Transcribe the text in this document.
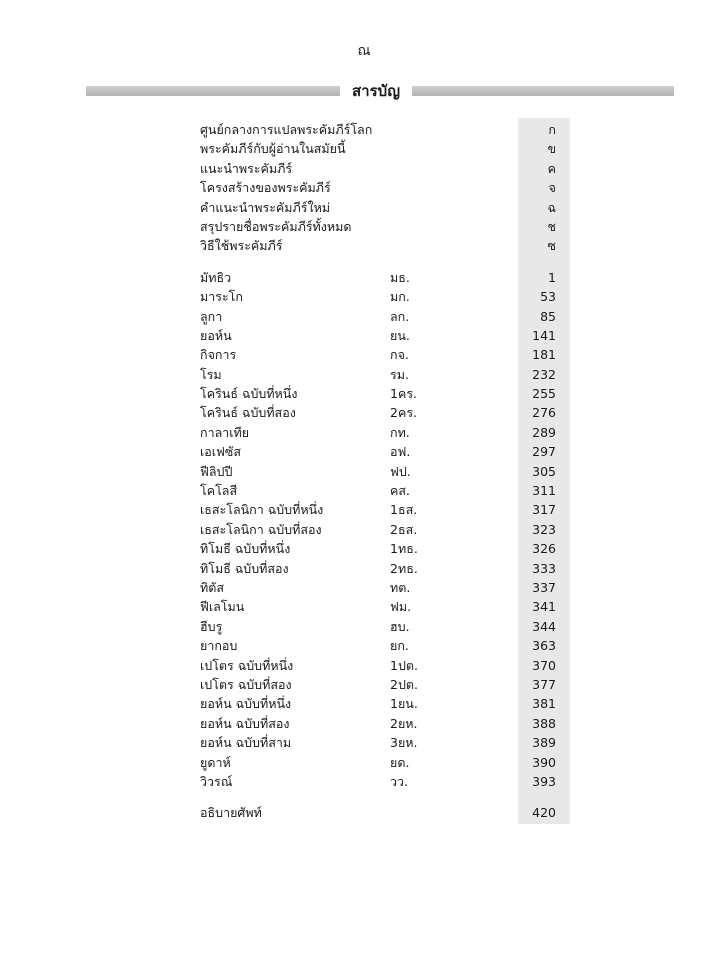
ณ
สารบัญ
ศูนย์กลางการแปลพระคัมภีร์โลก	ก
พระคัมภีร์กับผู้อ่านในสมัยนี้	ข
แนะนำพระคัมภีร์	ค
โครงสร้างของพระคัมภีร์	จ
คำแนะนำพระคัมภีร์ใหม่	ฉ
สรุปรายชื่อพระคัมภีร์ทั้งหมด	ช
วิธีใช้พระคัมภีร์	ซ
มัทธิว	มธ.	1
มาระโก	มก.	53
ลูกา	ลก.	85
ยอห์น	ยน.	141
กิจการ	กจ.	181
โรม	รม.	232
โครินธ์ ฉบับที่หนึ่ง	1คร.	255
โครินธ์ ฉบับที่สอง	2คร.	276
กาลาเทีย	กท.	289
เอเฟซัส	อฟ.	297
ฟีลิปปี	ฟป.	305
โคโลสี	คส.	311
เธสะโลนิกา ฉบับที่หนึ่ง	1ธส.	317
เธสะโลนิกา ฉบับที่สอง	2ธส.	323
ทิโมธี ฉบับที่หนึ่ง	1ทธ.	326
ทิโมธี ฉบับที่สอง	2ทธ.	333
ทิตัส	ทต.	337
ฟีเลโมน	ฟม.	341
ฮีบรู	ฮบ.	344
ยากอบ	ยก.	363
เปโตร ฉบับที่หนึ่ง	1ปต.	370
เปโตร ฉบับที่สอง	2ปต.	377
ยอห์น ฉบับที่หนึ่ง	1ยน.	381
ยอห์น ฉบับที่สอง	2ยห.	388
ยอห์น ฉบับที่สาม	3ยห.	389
ยูดาห์	ยด.	390
วิวรณ์	วว.	393
อธิบายศัพท์	420
